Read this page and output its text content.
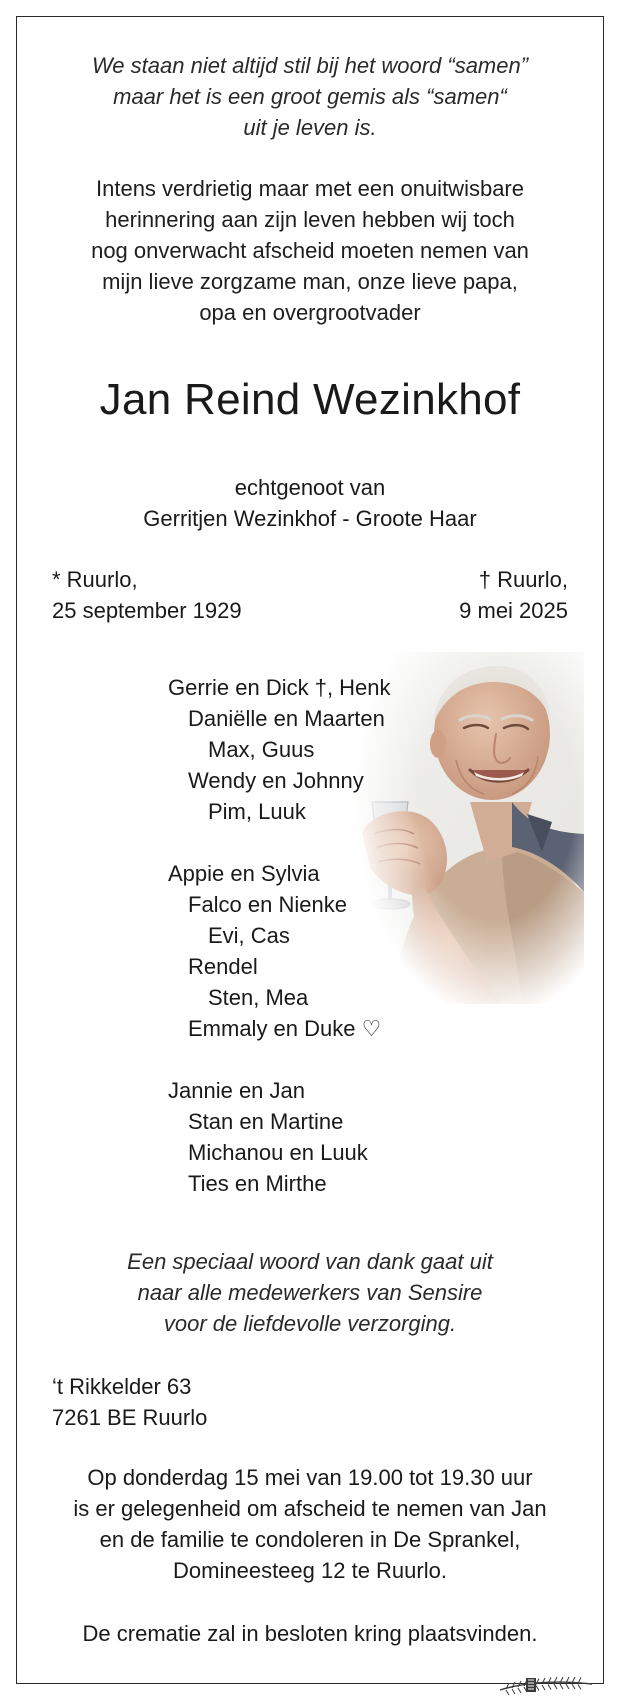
We staan niet altijd stil bij het woord “samen”
maar het is een groot gemis als “samen“
uit je leven is.
Intens verdrietig maar met een onuitwisbare
herinnering aan zijn leven hebben wij toch
nog onverwacht afscheid moeten nemen van
mijn lieve zorgzame man, onze lieve papa,
opa en overgrootvader
Jan Reind Wezinkhof
echtgenoot van
Gerritjen Wezinkhof - Groote Haar
* Ruurlo,
25 september 1929
† Ruurlo,
9 mei 2025
Gerrie en Dick †, Henk
Daniëlle en Maarten
Max, Guus
Wendy en Johnny
Pim, Luuk
Appie en Sylvia
Falco en Nienke
Evi, Cas
Rendel
Sten, Mea
Emmaly en Duke ♡
Jannie en Jan
Stan en Martine
Michanou en Luuk
Ties en Mirthe
Een speciaal woord van dank gaat uit
naar alle medewerkers van Sensire
voor de liefdevolle verzorging.
‘t Rikkelder 63
7261 BE Ruurlo
Op donderdag 15 mei van 19.00 tot 19.30 uur
is er gelegenheid om afscheid te nemen van Jan
en de familie te condoleren in De Sprankel,
Domineesteeg 12 te Ruurlo.
De crematie zal in besloten kring plaatsvinden.
